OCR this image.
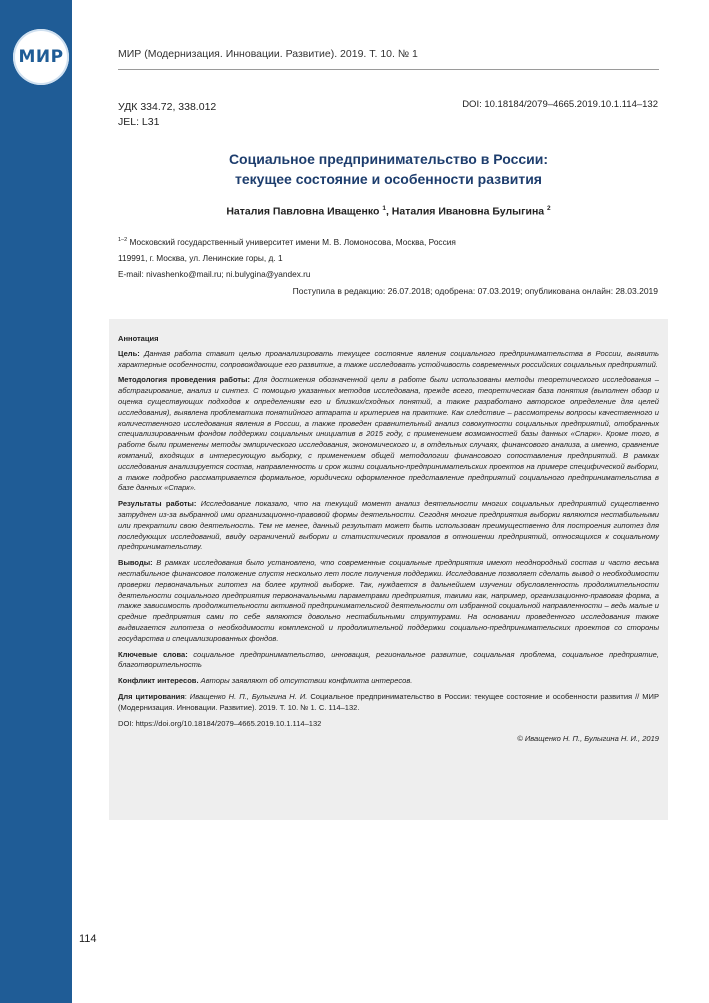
МИР	МИР (Модернизация. Инновации. Развитие). 2019. Т. 10. № 1
УДК 334.72, 338.012
JEL: L31
DOI: 10.18184/2079–4665.2019.10.1.114–132
Социальное предпринимательство в России:
текущее состояние и особенности развития
Наталия Павловна Иващенко $^1$, Наталия Ивановна Булыгина $^2$
$^{1-2}$ Московский государственный университет имени М. В. Ломоносова, Москва, Россия
119991, г. Москва, ул. Ленинские горы, д. 1
E-mail: nivashenko@mail.ru; ni.bulygina@yandex.ru
Поступила в редакцию: 26.07.2018; одобрена: 07.03.2019; опубликована онлайн: 28.03.2019

Аннотация

Цель: Данная работа ставит целью проанализировать текущее состояние явления социального предпринимательства в России, выявить характерные особенности, сопровождающие его развитие, а также исследовать устойчивость современных российских социальных предприятий.

Методология проведения работы: Для достижения обозначенной цели в работе были использованы методы теоретического исследования – абстрагирование, анализ и синтез. С помощью указанных методов исследована, прежде всего, теоретическая база понятия (выполнен обзор и оценка существующих подходов к определениям его и близких/сходных понятий, а также разработано авторское определение для целей исследования), выявлена проблематика понятийного аппарата и критериев на практике. Как следствие – рассмотрены вопросы качественного и количественного исследования явления в России, а также проведен сравнительный анализ совокупности социальных предприятий, отобранных специализированным фондом поддержки социальных инициатив в 2015 году, с применением возможностей базы данных «Спарк». Кроме того, в работе были применены методы эмпирического исследования, экономического и, в отдельных случаях, финансового анализа, а именно, сравнение компаний, входящих в интересующую выборку, с применением общей методологии финансового сопоставления предприятий. В рамках исследования анализируется состав, направленность и срок жизни социально-предпринимательских проектов на примере специфической выборки, а также подробно рассматривается формальное, юридически оформленное представление предприятий социального предпринимательства в базе данных «Спарк».

Результаты работы: Исследование показало, что на текущий момент анализ деятельности многих социальных предприятий существенно затруднен из-за выбранной ими организационно-правовой формы деятельности. Сегодня многие предприятия выборки являются нестабильными или прекратили свою деятельность. Тем не менее, данный результат может быть использован преимущественно для построения гипотез для последующих исследований, ввиду ограничений выборки и статистических провалов в отношении предприятий, относящихся к социальному предпринимательству.

Выводы: В рамках исследования было установлено, что современные социальные предприятия имеют неоднородный состав и часто весьма нестабильное финансовое положение спустя несколько лет после получения поддержки. Исследование позволяет сделать вывод о необходимости проверки первоначальных гипотез на более крупной выборке. Так, нуждается в дальнейшем изучении обусловленность продолжительности деятельности социального предприятия первоначальными параметрами предприятия, такими как, например, организационно-правовая форма, а также зависимость продолжительности активной предпринимательской деятельности от избранной социальной направленности – ведь малые и средние предприятия сами по себе являются довольно нестабильными структурами. На основании проведенного исследования также выдвигается гипотеза о необходимости комплексной и продолжительной поддержки социально-предпринимательских проектов со стороны государства и специализированных фондов.

Ключевые слова: социальное предпринимательство, инновация, региональное развитие, социальная проблема, социальное предприятие, благотворительность

Конфликт интересов. Авторы заявляют об отсутствии конфликта интересов.

Для цитирования: Иващенко Н. П., Булыгина Н. И. Социальное предпринимательство в России: текущее состояние и особенности развития // МИР (Модернизация. Инновации. Развитие). 2019. Т. 10. № 1. С. 114–132.

DOI: https://doi.org/10.18184/2079–4665.2019.10.1.114–132

© Иващенко Н. П., Булыгина Н. И., 2019

114
